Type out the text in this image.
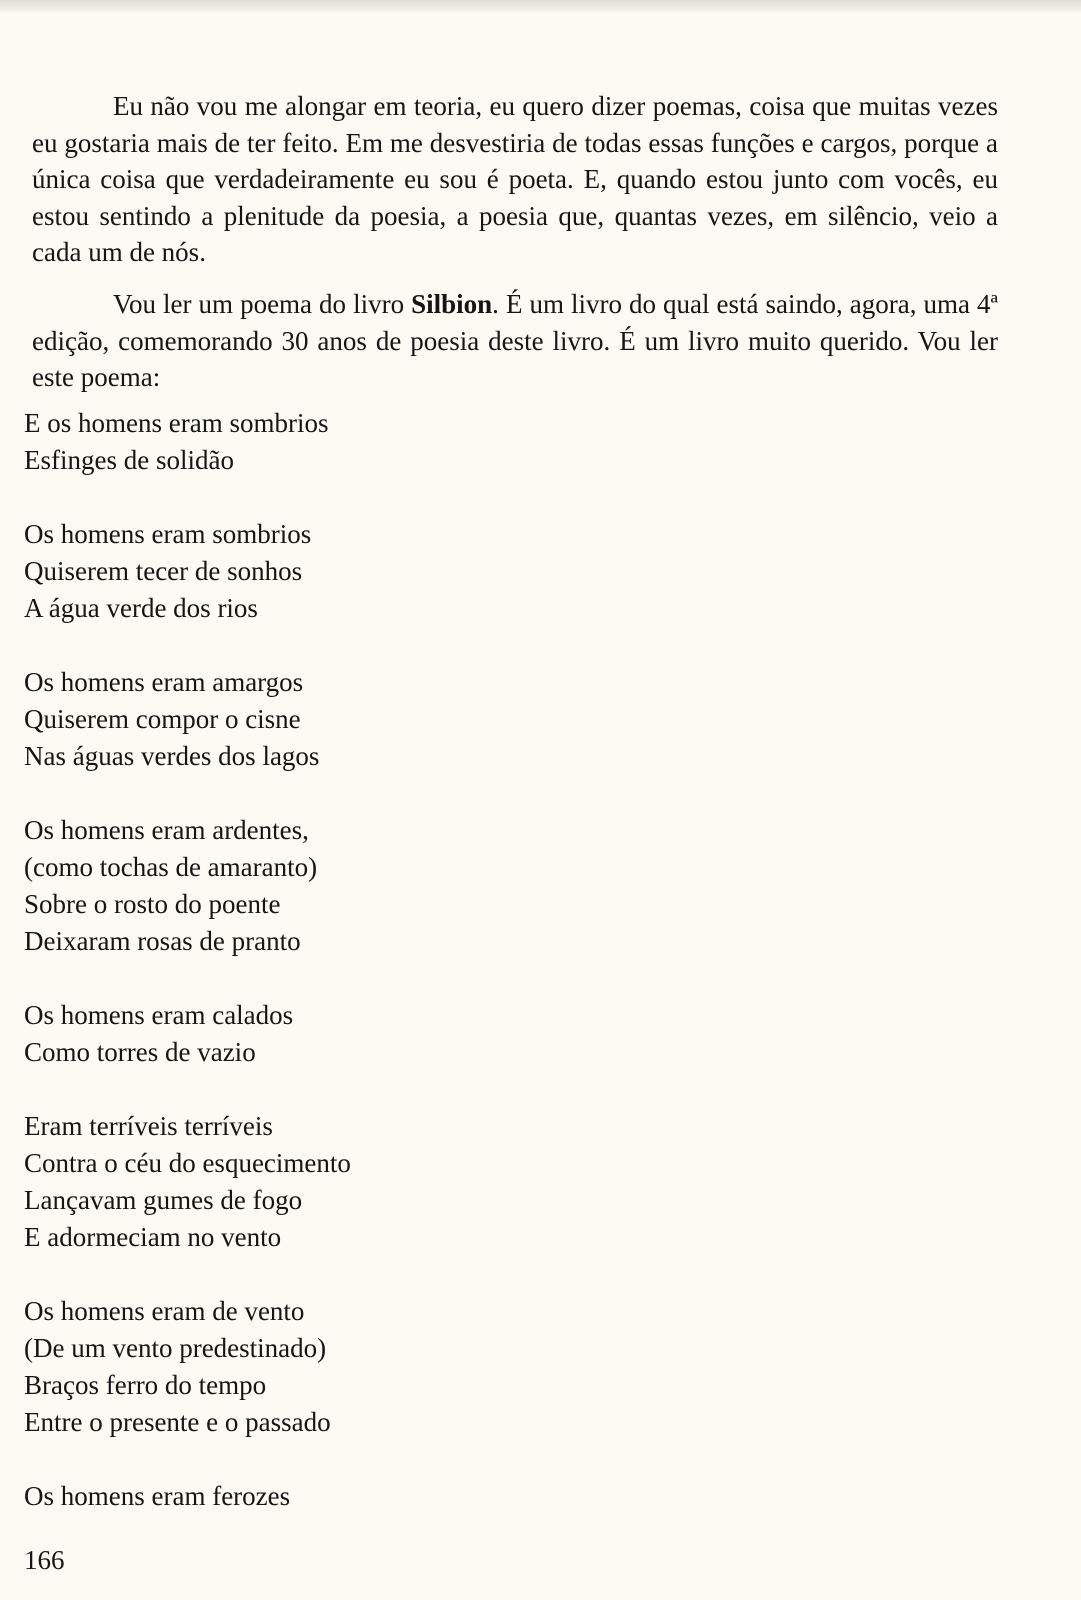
Eu não vou me alongar em teoria, eu quero dizer poemas, coisa que muitas vezes eu gostaria mais de ter feito. Em me desvestiria de todas essas funções e cargos, porque a única coisa que verdadeiramente eu sou é poeta. E, quando estou junto com vocês, eu estou sentindo a plenitude da poesia, a poesia que, quantas vezes, em silêncio, veio a cada um de nós.

Vou ler um poema do livro Silbion. É um livro do qual está saindo, agora, uma 4ª edição, comemorando 30 anos de poesia deste livro. É um livro muito querido. Vou ler este poema:

E os homens eram sombrios
Esfinges de solidão
Os homens eram sombrios
Quiserem tecer de sonhos
A água verde dos rios
Os homens eram amargos
Quiserem compor o cisne
Nas águas verdes dos lagos
Os homens eram ardentes,
(como tochas de amaranto)
Sobre o rosto do poente
Deixaram rosas de pranto
Os homens eram calados
Como torres de vazio
Eram terríveis terríveis
Contra o céu do esquecimento
Lançavam gumes de fogo
E adormeciam no vento
Os homens eram de vento
(De um vento predestinado)
Braços ferro do tempo
Entre o presente e o passado
Os homens eram ferozes
166
